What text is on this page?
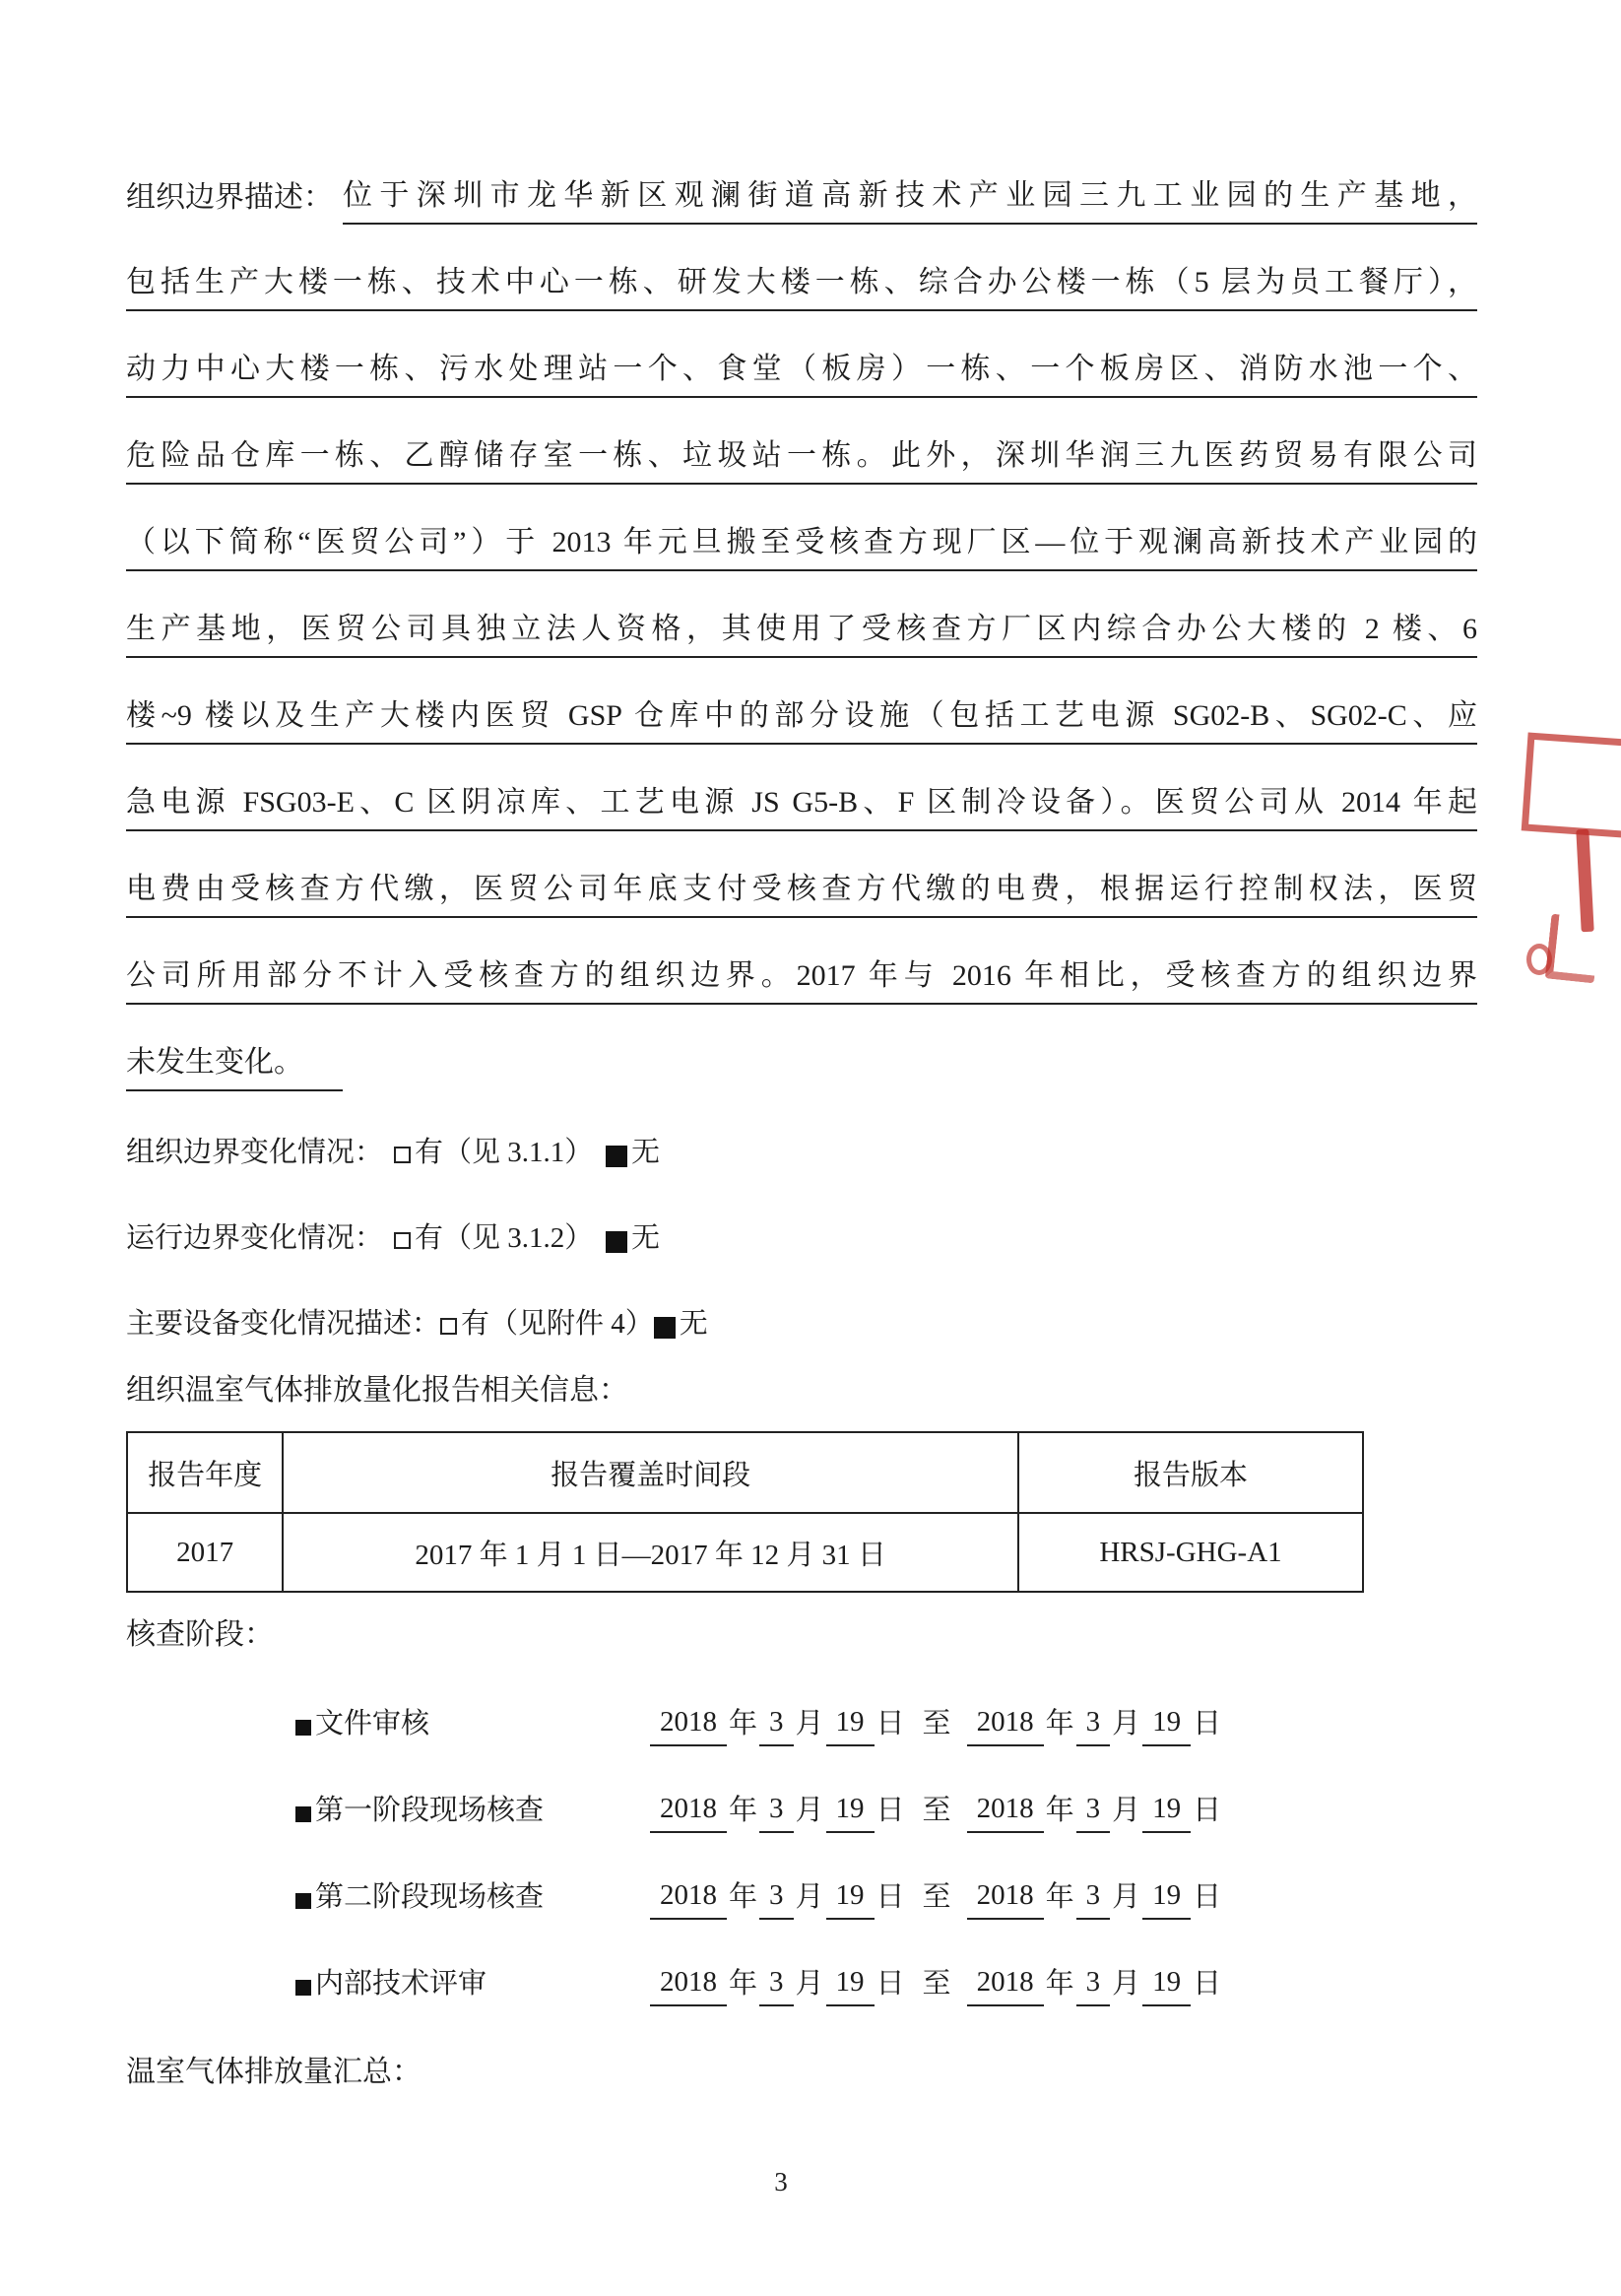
组织边界描述： 位于深圳市龙华新区观澜街道高新技术产业园三九工业园的生产基地，
包括生产大楼一栋、技术中心一栋、研发大楼一栋、综合办公楼一栋（5 层为员工餐厅），
动力中心大楼一栋、污水处理站一个、食堂（板房）一栋、一个板房区、消防水池一个、
危险品仓库一栋、乙醇储存室一栋、垃圾站一栋。此外，深圳华润三九医药贸易有限公司
（以下简称“医贸公司”）于 2013 年元旦搬至受核查方现厂区—位于观澜高新技术产业园的
生产基地，医贸公司具独立法人资格，其使用了受核查方厂区内综合办公大楼的 2 楼、6
楼~9 楼以及生产大楼内医贸 GSP 仓库中的部分设施（包括工艺电源 SG02-B、SG02-C、应
急电源 FSG03-E、C 区阴凉库、工艺电源 JS G5-B、F 区制冷设备）。医贸公司从 2014 年起
电费由受核查方代缴，医贸公司年底支付受核查方代缴的电费，根据运行控制权法，医贸
公司所用部分不计入受核查方的组织边界。2017 年与 2016 年相比，受核查方的组织边界
未发生变化。
组织边界变化情况：	有（见 3.1.1） 无
运行边界变化情况：	有（见 3.1.2） 无
主要设备变化情况描述： 有（见附件 4） 无
组织温室气体排放量化报告相关信息：
报告年度	报告覆盖时间段	报告版本
2017	2017 年 1 月 1 日—2017 年 12 月 31 日	HRSJ-GHG-A1
核查阶段：
文件审核	2018 年 3 月 19 日 至 2018 年 3 月 19 日
第一阶段现场核查	2018 年 3 月 19 日 至 2018 年 3 月 19 日
第二阶段现场核查	2018 年 3 月 19 日 至 2018 年 3 月 19 日
内部技术评审	2018 年 3 月 19 日 至 2018 年 3 月 19 日
温室气体排放量汇总：
3
